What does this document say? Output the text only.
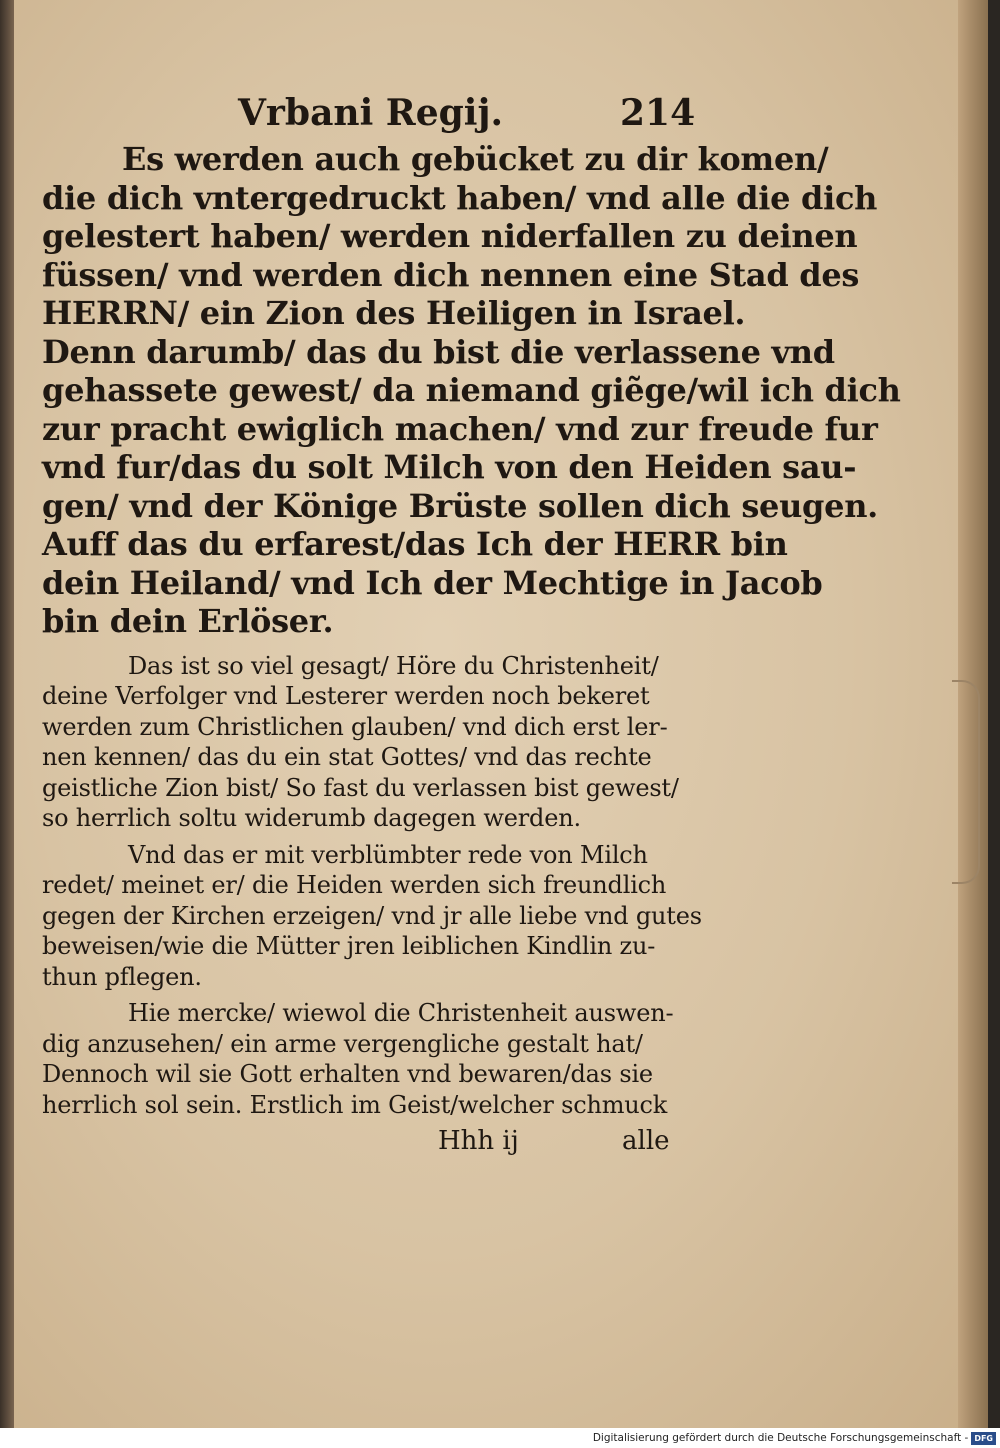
Vrbani Regij.	214
Es werden auch gebücket zu dir komen/
die dich vntergedruckt haben/ vnd alle die dich
gelestert haben/ werden niderfallen zu deinen
füssen/ vnd werden dich nennen eine Stad des
HERRN/ ein Zion des Heiligen in Israel.
Denn darumb/ das du bist die verlassene vnd
gehassete gewest/ da niemand giẽge/wil ich dich
zur pracht ewiglich machen/ vnd zur freude fur
vnd fur/das du solt Milch von den Heiden sau-
gen/ vnd der Könige Brüste sollen dich seugen.
Auff das du erfarest/das Ich der HERR bin
dein Heiland/ vnd Ich der Mechtige in Jacob
bin dein Erlöser.
Das ist so viel gesagt/ Höre du Christenheit/
deine Verfolger vnd Lesterer werden noch bekeret
werden zum Christlichen glauben/ vnd dich erst ler-
nen kennen/ das du ein stat Gottes/ vnd das rechte
geistliche Zion bist/ So fast du verlassen bist gewest/
so herrlich soltu widerumb dagegen werden.
Vnd das er mit verblümbter rede von Milch
redet/ meinet er/ die Heiden werden sich freundlich
gegen der Kirchen erzeigen/ vnd jr alle liebe vnd gutes
beweisen/wie die Mütter jren leiblichen Kindlin zu-
thun pflegen.
Hie mercke/ wiewol die Christenheit auswen-
dig anzusehen/ ein arme vergengliche gestalt hat/
Dennoch wil sie Gott erhalten vnd bewaren/das sie
herrlich sol sein. Erstlich im Geist/welcher schmuck
Hhh ij	alle
Digitalisierung gefördert durch die Deutsche Forschungsgemeinschaft - DFG
